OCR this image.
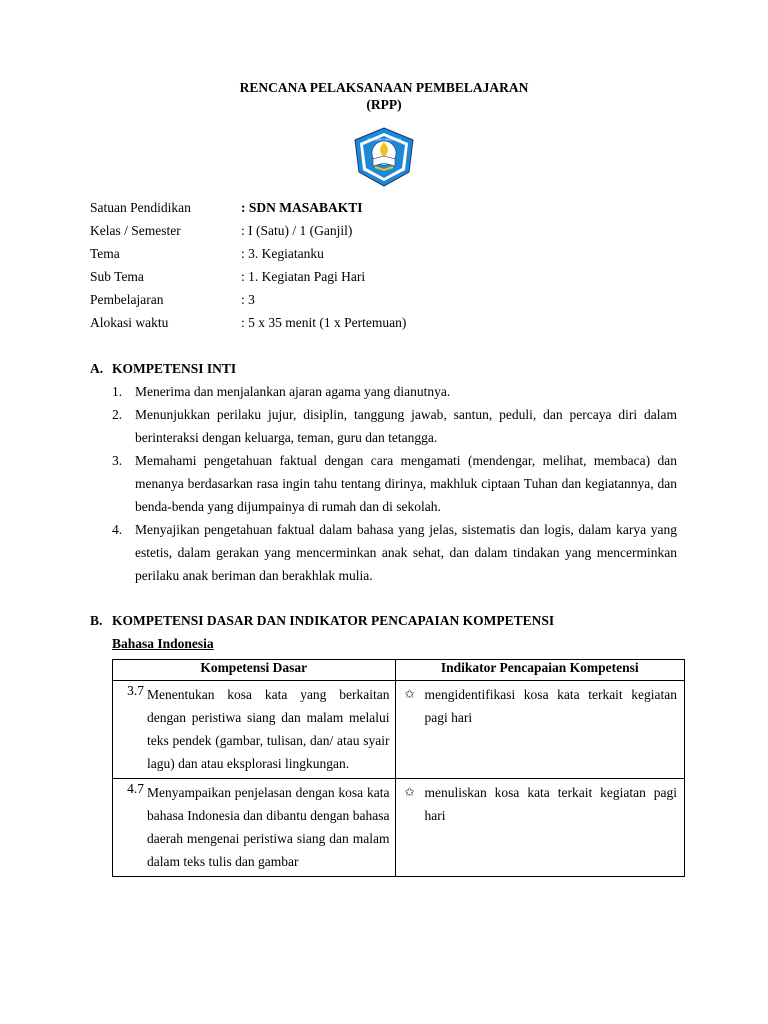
RENCANA PELAKSANAAN PEMBELAJARAN
(RPP)
TUT WURI HANDAYANI
Satuan Pendidikan	: SDN MASABAKTI
Kelas / Semester	: I (Satu) / 1 (Ganjil)
Tema	: 3. Kegiatanku
Sub Tema	: 1. Kegiatan Pagi Hari
Pembelajaran	: 3
Alokasi waktu	: 5 x 35 menit (1 x Pertemuan)
A. KOMPETENSI INTI
1. Menerima dan menjalankan ajaran agama yang dianutnya.
2. Menunjukkan perilaku jujur, disiplin, tanggung jawab, santun, peduli, dan percaya diri dalam berinteraksi dengan keluarga, teman, guru dan tetangga.
3. Memahami pengetahuan faktual dengan cara mengamati (mendengar, melihat, membaca) dan menanya berdasarkan rasa ingin tahu tentang dirinya, makhluk ciptaan Tuhan dan kegiatannya, dan benda-benda yang dijumpainya di rumah dan di sekolah.
4. Menyajikan pengetahuan faktual dalam bahasa yang jelas, sistematis dan logis, dalam karya yang estetis, dalam gerakan yang mencerminkan anak sehat, dan dalam tindakan yang mencerminkan perilaku anak beriman dan berakhlak mulia.
B. KOMPETENSI DASAR DAN INDIKATOR PENCAPAIAN KOMPETENSI
Bahasa Indonesia
Kompetensi Dasar	Indikator Pencapaian Kompetensi

3.7 Menentukan kosa kata yang berkaitan dengan peristiwa siang dan malam melalui teks pendek (gambar, tulisan, dan/ atau syair lagu) dan atau eksplorasi lingkungan.	✩ mengidentifikasi kosa kata terkait kegiatan pagi hari

4.7 Menyampaikan penjelasan dengan kosa kata bahasa Indonesia dan dibantu dengan bahasa daerah mengenai peristiwa siang dan malam dalam teks tulis dan gambar	✩ menuliskan kosa kata terkait kegiatan pagi hari
